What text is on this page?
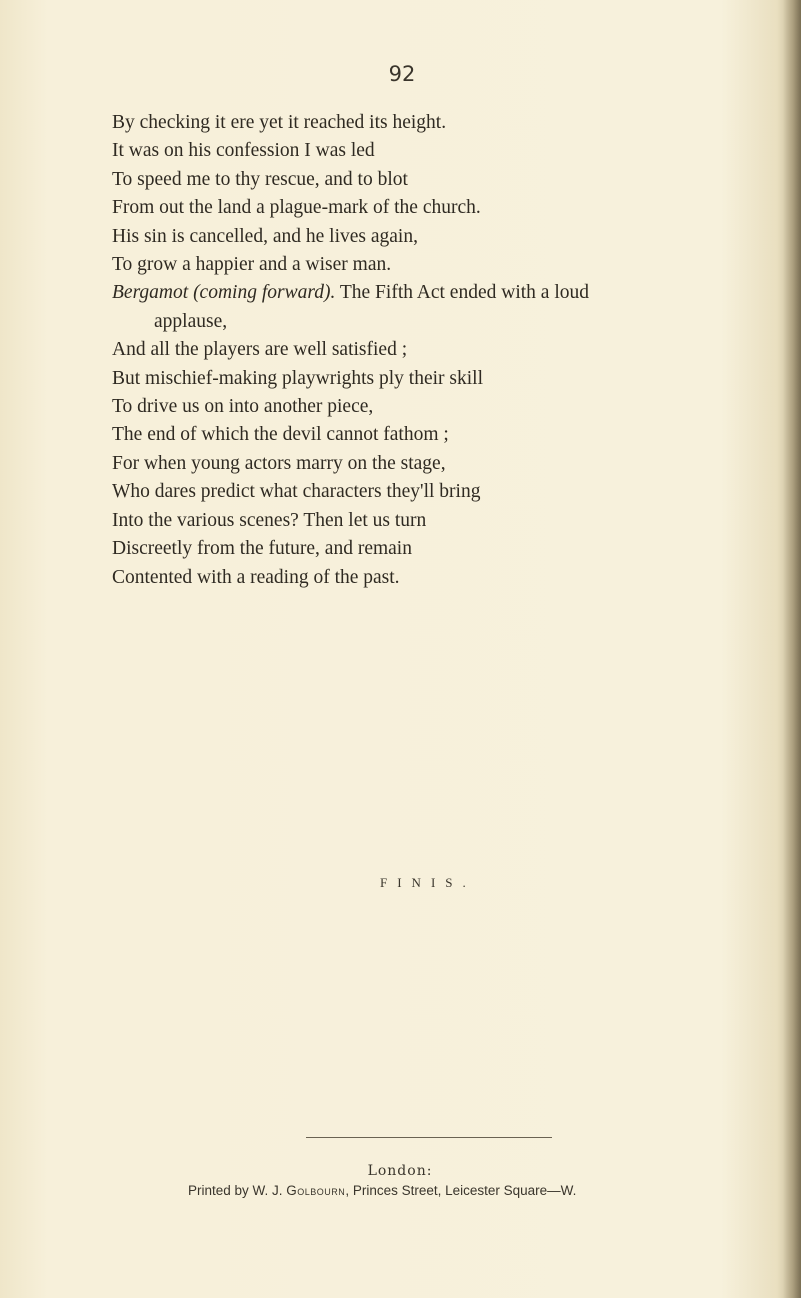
92
By checking it ere yet it reached its height.
It was on his confession I was led
To speed me to thy rescue, and to blot
From out the land a plague-mark of the church.
His sin is cancelled, and he lives again,
To grow a happier and a wiser man.
Bergamot (coming forward). The Fifth Act ended with a loud
applause,
And all the players are well satisfied ;
But mischief-making playwrights ply their skill
To drive us on into another piece,
The end of which the devil cannot fathom ;
For when young actors marry on the stage,
Who dares predict what characters they'll bring
Into the various scenes? Then let us turn
Discreetly from the future, and remain
Contented with a reading of the past.
FINIS.
London:
Printed by W. J. Golbourn, Princes Street, Leicester Square—W.
